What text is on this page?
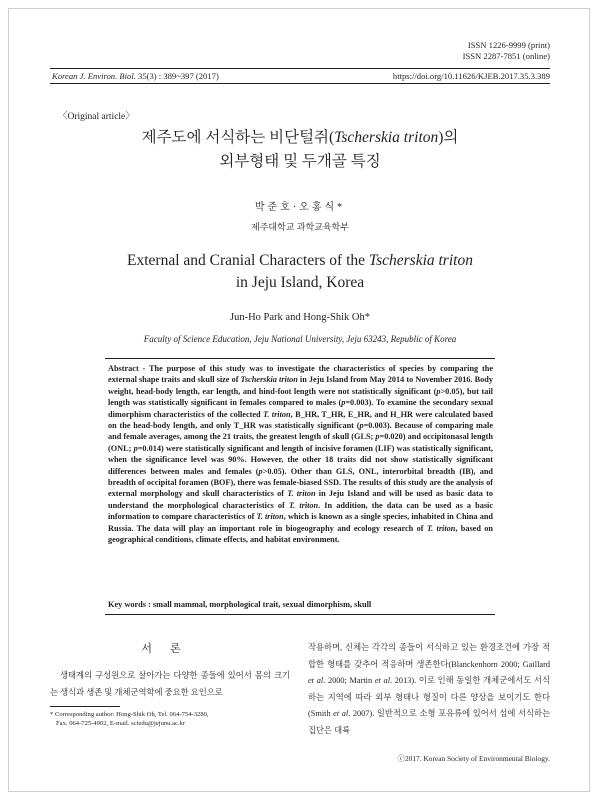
ISSN 1226-9999 (print)
ISSN 2287-7851 (online)
Korean J. Environ. Biol. 35(3) : 389~397 (2017)	https://doi.org/10.11626/KJEB.2017.35.3.389
〈Original article〉
제주도에 서식하는 비단털쥐(Tscherskia triton)의
외부형태 및 두개골 특징
박준호·오홍식*
제주대학교 과학교육학부
External and Cranial Characters of the Tscherskia triton
in Jeju Island, Korea
Jun-Ho Park and Hong-Shik Oh*
Faculty of Science Education, Jeju National University, Jeju 63243, Republic of Korea
Abstract - The purpose of this study was to investigate the characteristics of species by comparing the external shape traits and skull size of Tscherskia triton in Jeju Island from May 2014 to November 2016. Body weight, head-body length, ear length, and hind-foot length were not statistically significant (p>0.05), but tail length was statistically significant in females compared to males (p=0.003). To examine the secondary sexual dimorphism characteristics of the collected T. triton, B_HR, T_HR, E_HR, and H_HR were calculated based on the head-body length, and only T_HR was statistically significant (p=0.003). Because of comparing male and female averages, among the 21 traits, the greatest length of skull (GLS; p=0.020) and occipitonasal length (ONL; p=0.014) were statistically significant and length of incisive foramen (LIF) was statistically significant, when the significance level was 90%. However, the other 18 traits did not show statistically significant differences between males and females (p>0.05). Other than GLS, ONL, interorbital breadth (IB), and breadth of occipital foramen (BOF), there was female-biased SSD. The results of this study are the analysis of external morphology and skull characteristics of T. triton in Jeju Island and will be used as basic data to understand the morphological characteristics of T. triton. In addition, the data can be used as a basic information to compare characteristics of T. triton, which is known as a single species, inhabited in China and Russia. The data will play an important role in biogeography and ecology research of T. triton, based on geographical conditions, climate effects, and habitat environment.
Key words : small mammal, morphological trait, sexual dimorphism, skull
서론

생태계의 구성원으로 살아가는 다양한 종들에 있어서 몸의 크기는 생식과 생존 및 개체군역학에 중요한 요인으로

작용하며, 신체는 각각의 종들이 서식하고 있는 환경조건에 가장 적합한 형태를 갖추어 적응하며 생존한다(Blanckenhorn 2000; Gaillard et al. 2000; Martin et al. 2013). 이로 인해 동일한 개체군에서도 서식하는 지역에 따라 외부 형태나 형질이 다른 양상을 보이기도 한다(Smith et al. 2007). 일반적으로 소형 포유류에 있어서 섬에 서식하는 집단은 대륙
* Corresponding author: Hong-Shik Oh, Tel. 064-754-3280,
Fax. 064-725-4902, E-mail. sciedu@jejunu.ac.kr
ⓒ2017. Korean Society of Environmental Biology.
